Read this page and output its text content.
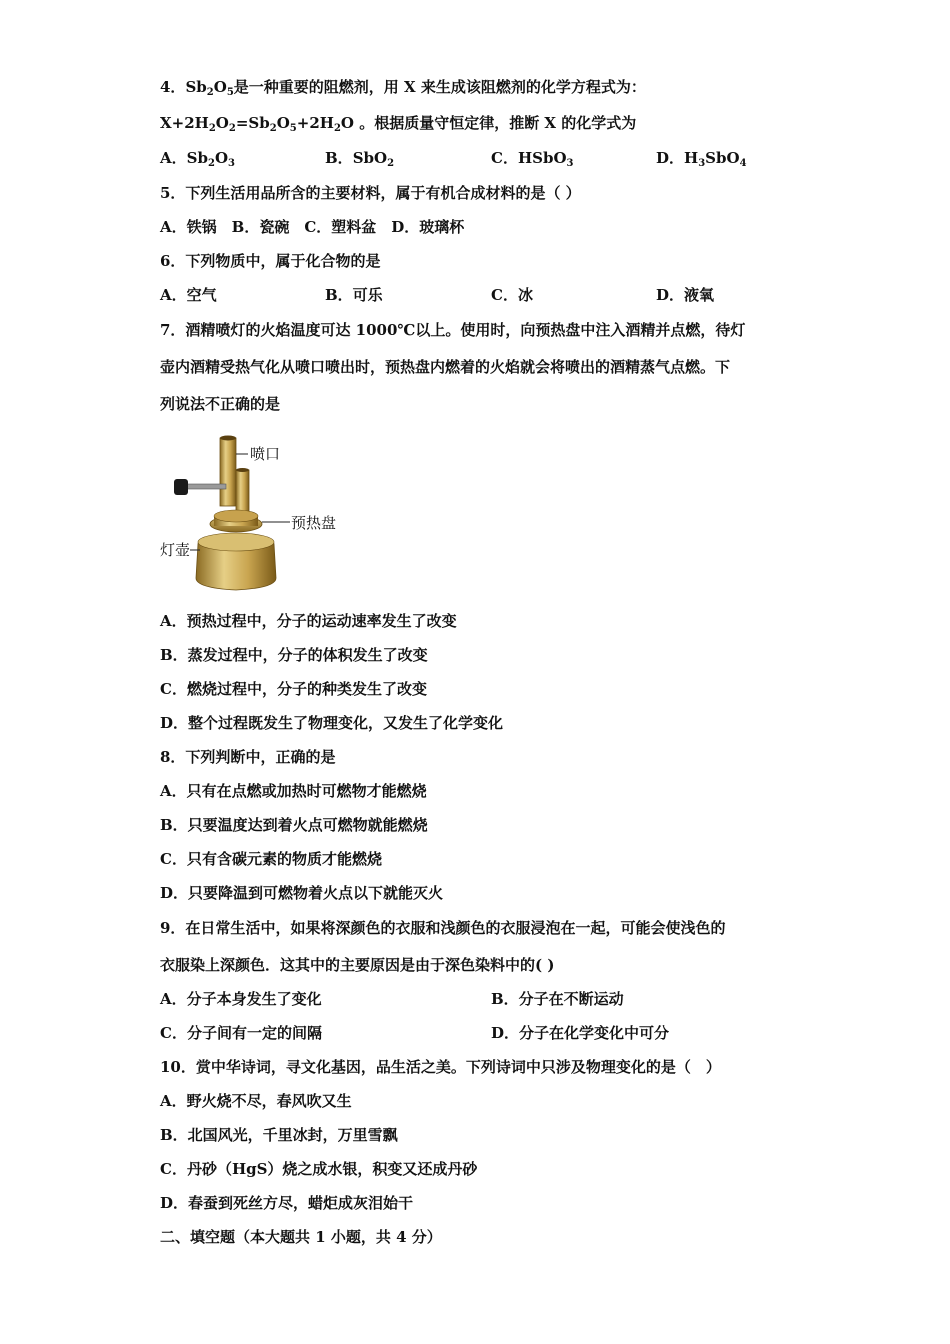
4．$Sb_2O_5$是一种重要的阻燃剂，用 X 来生成该阻燃剂的化学方程式为：
$X+2H_2O_2=Sb_2O_5+2H_2O$ 。根据质量守恒定律，推断 X 的化学式为
A．$Sb_2O_3$	B．SbO$_2$	C．HSbO$_3$	D．$H_3SbO_4$
5．下列生活用品所含的主要材料，属于有机合成材料的是（ ）
A．铁锅　B．瓷碗　C．塑料盆　D．玻璃杯
6．下列物质中，属于化合物的是
A．空气	B．可乐	C．冰	D．液氧
7．酒精喷灯的火焰温度可达 1000℃以上。使用时，向预热盘中注入酒精并点燃，待灯
壶内酒精受热气化从喷口喷出时，预热盘内燃着的火焰就会将喷出的酒精蒸气点燃。下
列说法不正确的是
喷口
预热盘
灯壶
A．预热过程中，分子的运动速率发生了改变
B．蒸发过程中，分子的体积发生了改变
C．燃烧过程中，分子的种类发生了改变
D．整个过程既发生了物理变化，又发生了化学变化
8．下列判断中，正确的是
A．只有在点燃或加热时可燃物才能燃烧
B．只要温度达到着火点可燃物就能燃烧
C．只有含碳元素的物质才能燃烧
D．只要降温到可燃物着火点以下就能灭火
9．在日常生活中，如果将深颜色的衣服和浅颜色的衣服浸泡在一起，可能会使浅色的
衣服染上深颜色．这其中的主要原因是由于深色染料中的( )
A．分子本身发生了变化	B．分子在不断运动
C．分子间有一定的间隔	D．分子在化学变化中可分
10．赏中华诗词，寻文化基因，品生活之美。下列诗词中只涉及物理变化的是（　）
A．野火烧不尽，春风吹又生
B．北国风光，千里冰封，万里雪飘
C．丹砂（HgS）烧之成水银，积变又还成丹砂
D．春蚕到死丝方尽，蜡炬成灰泪始干
二、填空题（本大题共 1 小题，共 4 分）
